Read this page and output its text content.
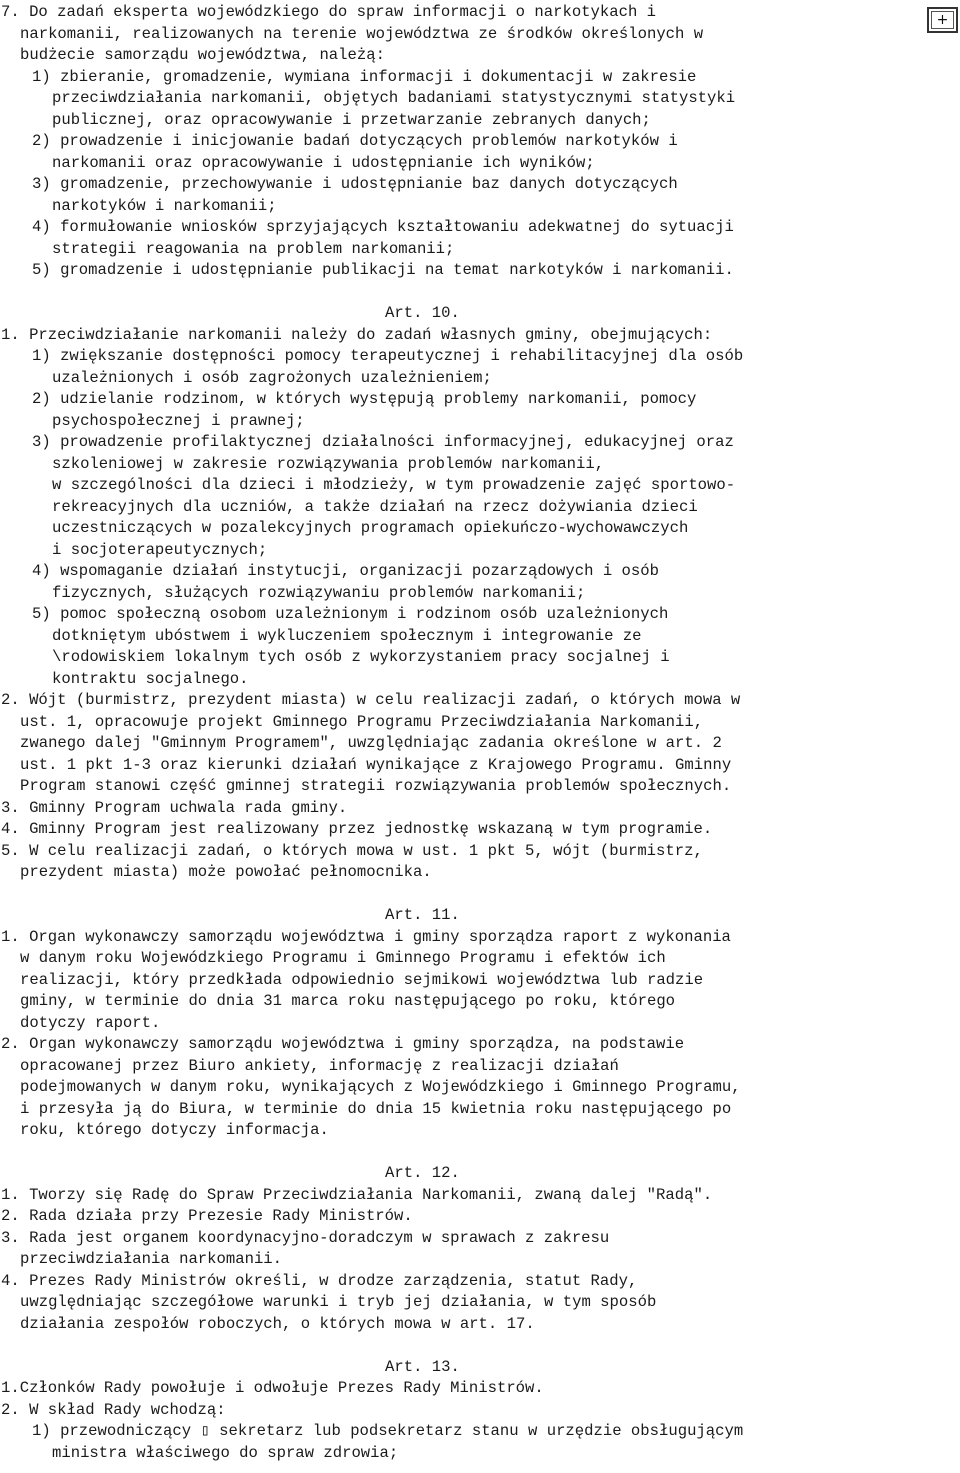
7. Do zadań eksperta wojewódzkiego do spraw informacji o narkotykach i
narkomanii, realizowanych na terenie województwa ze środków określonych w
budżecie samorządu województwa, należą:
1) zbieranie, gromadzenie, wymiana informacji i dokumentacji w zakresie
przeciwdziałania narkomanii, objętych badaniami statystycznymi statystyki
publicznej, oraz opracowywanie i przetwarzanie zebranych danych;
2) prowadzenie i inicjowanie badań dotyczących problemów narkotyków i
narkomanii oraz opracowywanie i udostępnianie ich wyników;
3) gromadzenie, przechowywanie i udostępnianie baz danych dotyczących
narkotyków i narkomanii;
4) formułowanie wniosków sprzyjających kształtowaniu adekwatnej do sytuacji
strategii reagowania na problem narkomanii;
5) gromadzenie i udostępnianie publikacji na temat narkotyków i narkomanii.
Art. 10.
1. Przeciwdziałanie narkomanii należy do zadań własnych gminy, obejmujących:
1) zwiększanie dostępności pomocy terapeutycznej i rehabilitacyjnej dla osób
uzależnionych i osób zagrożonych uzależnieniem;
2) udzielanie rodzinom, w których występują problemy narkomanii, pomocy
psychospołecznej i prawnej;
3) prowadzenie profilaktycznej działalności informacyjnej, edukacyjnej oraz
szkoleniowej w zakresie rozwiązywania problemów narkomanii,
w szczególności dla dzieci i młodzieży, w tym prowadzenie zajęć sportowo-
rekreacyjnych dla uczniów, a także działań na rzecz dożywiania dzieci
uczestniczących w pozalekcyjnych programach opiekuńczo-wychowawczych
i socjoterapeutycznych;
4) wspomaganie działań instytucji, organizacji pozarządowych i osób
fizycznych, służących rozwiązywaniu problemów narkomanii;
5) pomoc społeczną osobom uzależnionym i rodzinom osób uzależnionych
dotkniętym ubóstwem i wykluczeniem społecznym i integrowanie ze
\rodowiskiem lokalnym tych osób z wykorzystaniem pracy socjalnej i
kontraktu socjalnego.
2. Wójt (burmistrz, prezydent miasta) w celu realizacji zadań, o których mowa w
ust. 1, opracowuje projekt Gminnego Programu Przeciwdziałania Narkomanii,
zwanego dalej "Gminnym Programem", uwzględniając zadania określone w art. 2
ust. 1 pkt 1-3 oraz kierunki działań wynikające z Krajowego Programu. Gminny
Program stanowi część gminnej strategii rozwiązywania problemów społecznych.
3. Gminny Program uchwala rada gminy.
4. Gminny Program jest realizowany przez jednostkę wskazaną w tym programie.
5. W celu realizacji zadań, o których mowa w ust. 1 pkt 5, wójt (burmistrz,
prezydent miasta) może powołać pełnomocnika.
Art. 11.
1. Organ wykonawczy samorządu województwa i gminy sporządza raport z wykonania
w danym roku Wojewódzkiego Programu i Gminnego Programu i efektów ich
realizacji, który przedkłada odpowiednio sejmikowi województwa lub radzie
gminy, w terminie do dnia 31 marca roku następującego po roku, którego
dotyczy raport.
2. Organ wykonawczy samorządu województwa i gminy sporządza, na podstawie
opracowanej przez Biuro ankiety, informację z realizacji działań
podejmowanych w danym roku, wynikających z Wojewódzkiego i Gminnego Programu,
i przesyła ją do Biura, w terminie do dnia 15 kwietnia roku następującego po
roku, którego dotyczy informacja.
Art. 12.
1. Tworzy się Radę do Spraw Przeciwdziałania Narkomanii, zwaną dalej "Radą".
2. Rada działa przy Prezesie Rady Ministrów.
3. Rada jest organem koordynacyjno-doradczym w sprawach z zakresu
przeciwdziałania narkomanii.
4. Prezes Rady Ministrów określi, w drodze zarządzenia, statut Rady,
uwzględniając szczegółowe warunki i tryb jej działania, w tym sposób
działania zespołów roboczych, o których mowa w art. 17.
Art. 13.
1.Członków Rady powołuje i odwołuje Prezes Rady Ministrów.
2. W skład Rady wchodzą:
1) przewodniczący ▯ sekretarz lub podsekretarz stanu w urzędzie obsługującym
ministra właściwego do spraw zdrowia;
+
